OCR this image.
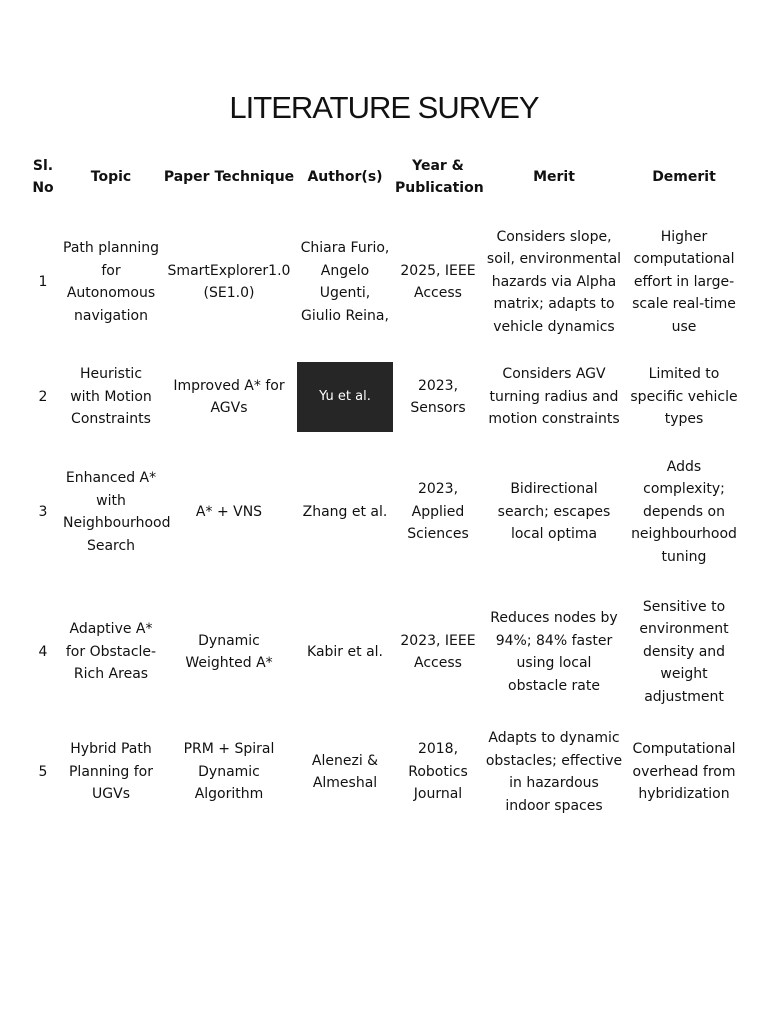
LITERATURE SURVEY
Sl. No	Topic	Paper Technique	Author(s)	Year & Publication	Merit	Demerit
1	Path planning for Autonomous navigation	SmartExplorer1.0 (SE1.0)	Chiara Furio, Angelo Ugenti, Giulio Reina,	2025, IEEE Access	Considers slope, soil, environmental hazards via Alpha matrix; adapts to vehicle dynamics	Higher computational effort in large-scale real-time use
2	Heuristic with Motion Constraints	Improved A* for AGVs	Yu et al.	2023, Sensors	Considers AGV turning radius and motion constraints	Limited to specific vehicle types
3	Enhanced A* with Neighbourhood Search	A* + VNS	Zhang et al.	2023, Applied Sciences	Bidirectional search; escapes local optima	Adds complexity; depends on neighbourhood tuning
4	Adaptive A* for Obstacle-Rich Areas	Dynamic Weighted A*	Kabir et al.	2023, IEEE Access	Reduces nodes by 94%; 84% faster using local obstacle rate	Sensitive to environment density and weight adjustment
5	Hybrid Path Planning for UGVs	PRM + Spiral Dynamic Algorithm	Alenezi & Almeshal	2018, Robotics Journal	Adapts to dynamic obstacles; effective in hazardous indoor spaces	Computational overhead from hybridization
